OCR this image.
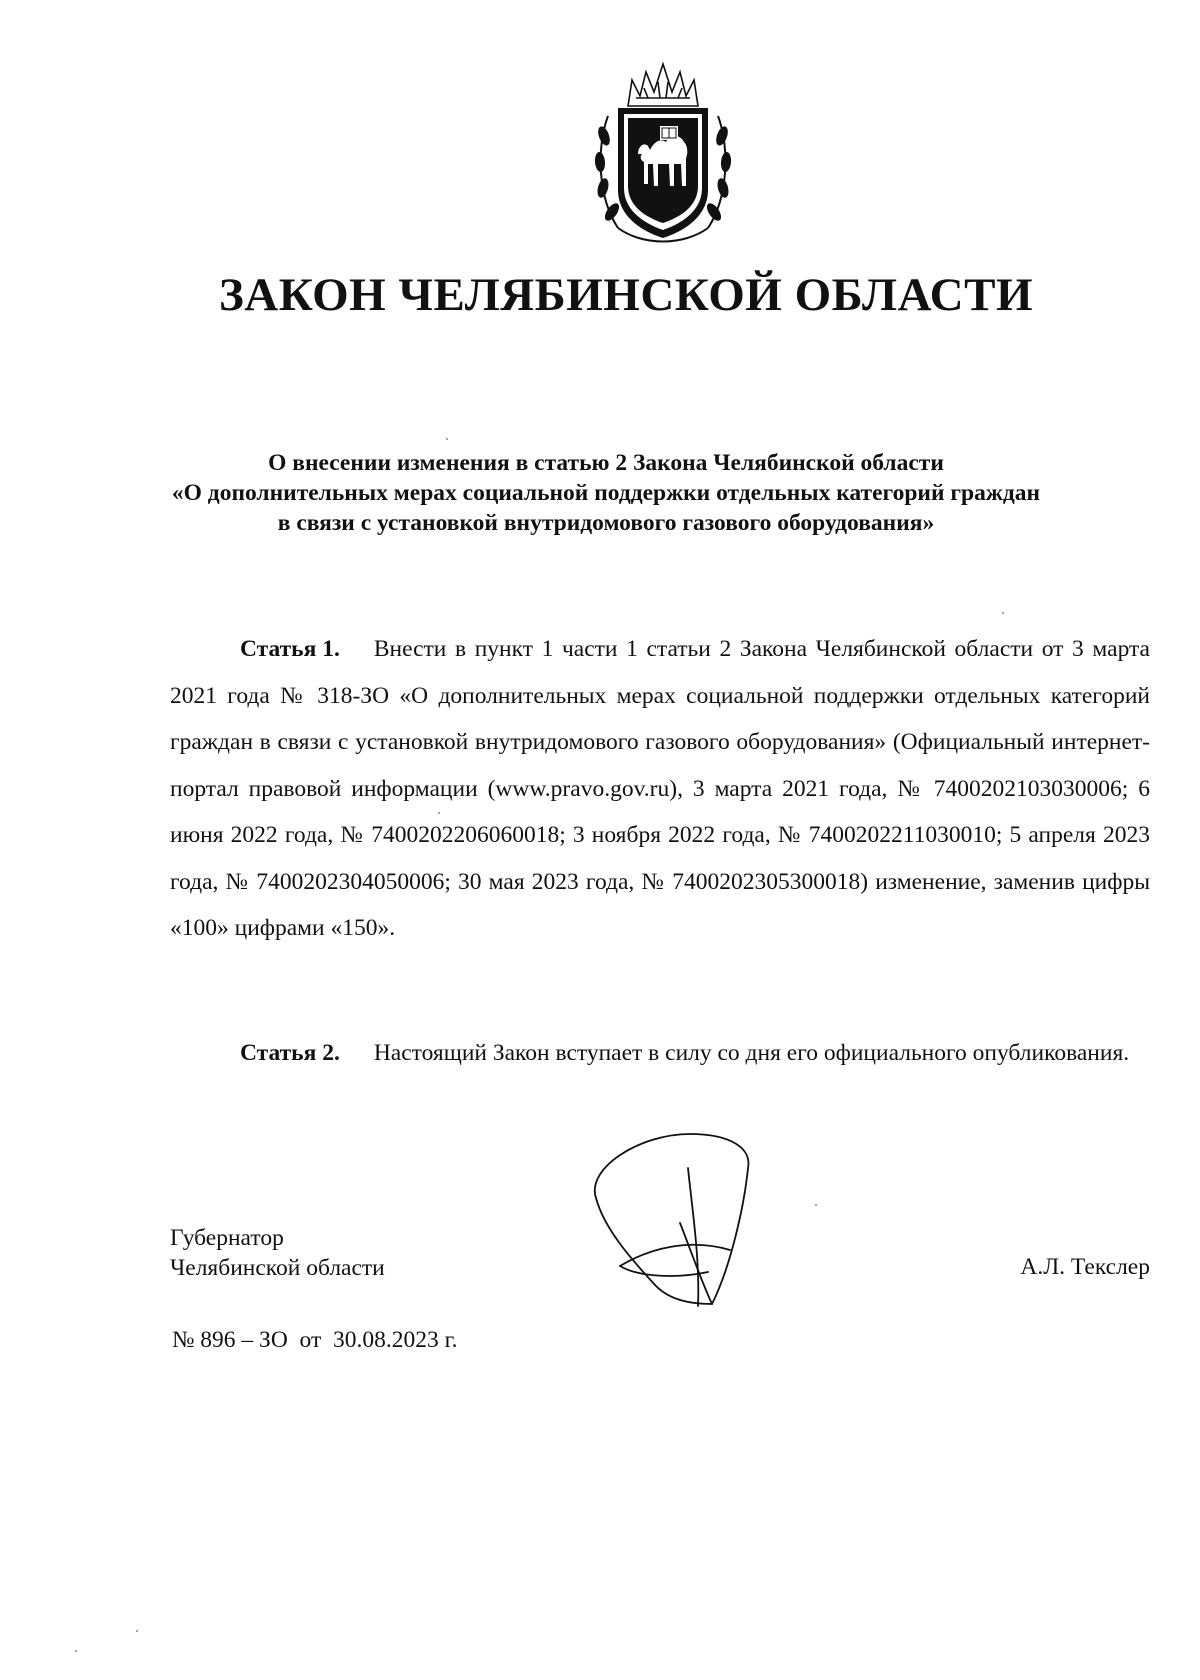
ЗАКОН ЧЕЛЯБИНСКОЙ ОБЛАСТИ
О внесении изменения в статью 2 Закона Челябинской области
«О дополнительных мерах социальной поддержки отдельных категорий граждан
в связи с установкой внутридомового газового оборудования»
Статья 1. Внести в пункт 1 части 1 статьи 2 Закона Челябинской области от 3 марта 2021 года № 318-ЗО «О дополнительных мерах социальной поддержки отдельных категорий граждан в связи с установкой внутридомового газового оборудования» (Официальный интернет-портал правовой информации (www.pravo.gov.ru), 3 марта 2021 года, № 7400202103030006; 6 июня 2022 года, № 7400202206060018; 3 ноября 2022 года, № 7400202211030010; 5 апреля 2023 года, № 7400202304050006; 30 мая 2023 года, № 7400202305300018) изменение, заменив цифры «100» цифрами «150».
Статья 2. Настоящий Закон вступает в силу со дня его официального опубликования.
Губернатор
Челябинской области	А.Л. Текслер
№ 896 – ЗО  от  30.08.2023 г.
